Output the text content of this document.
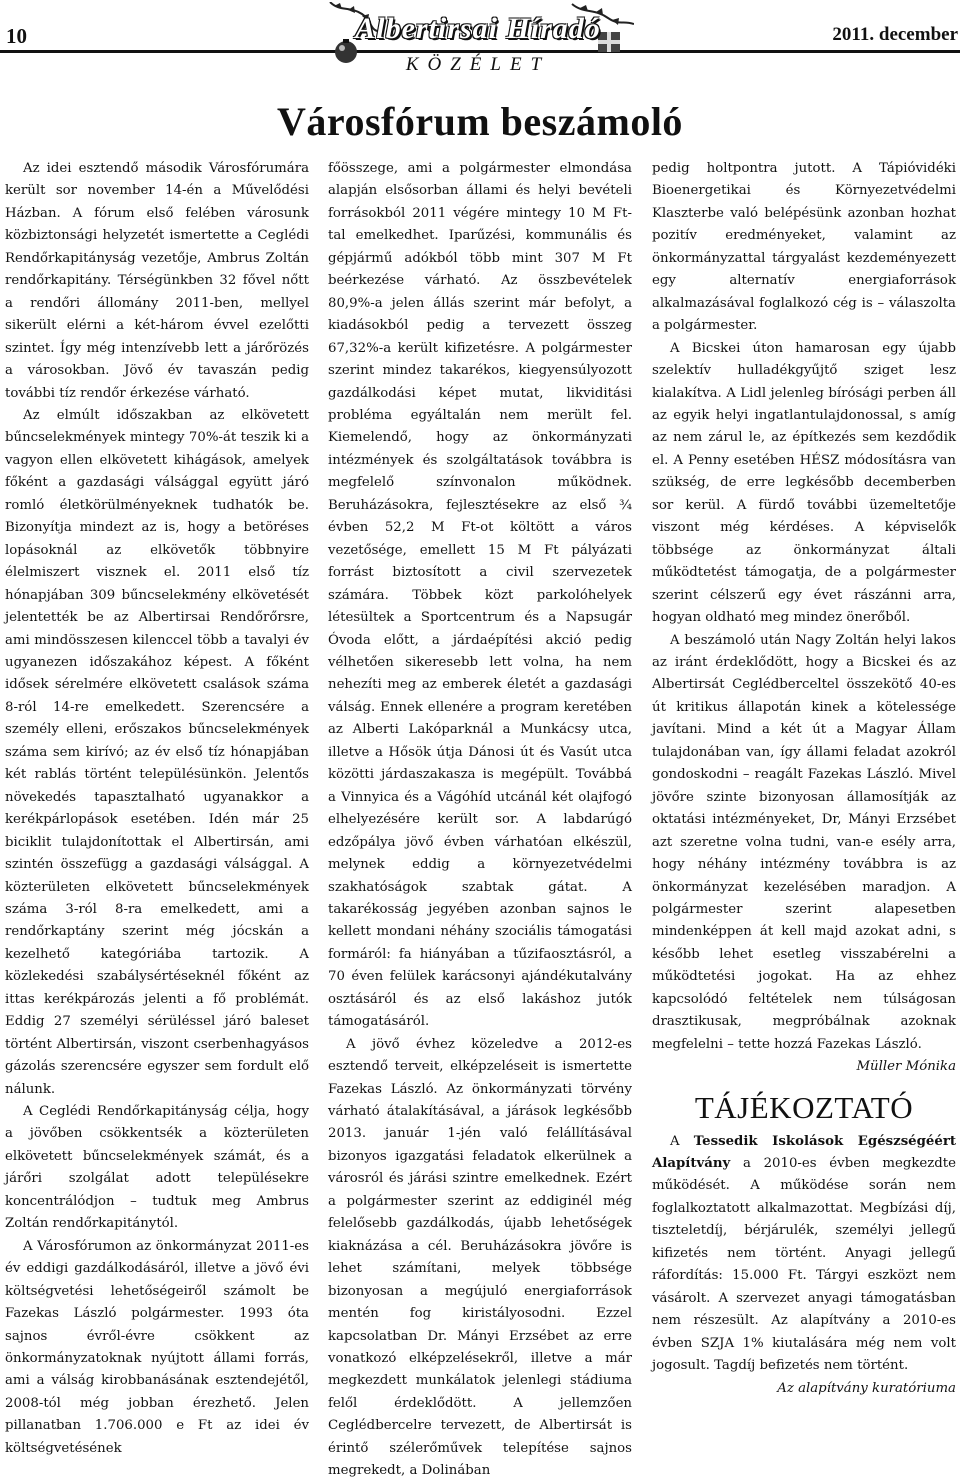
10	Albertirsai Híradó
KÖZÉLET
2011. december
Városfórum beszámoló

Az idei esztendő második Városfórumára került sor november 14-én a Művelődési Házban. A fórum első felében városunk közbiztonsági helyzetét ismertette a Ceglédi Rendőrkapitányság vezetője, Ambrus Zoltán rendőrkapitány. Térségünkben 32 fővel nőtt a rendőri állomány 2011-ben, mellyel sikerült elérni a két-három évvel ezelőtti szintet. Így még intenzívebb lett a járőrözés a városokban. Jövő év tavaszán pedig további tíz rendőr érkezése várható.

Az elmúlt időszakban az elkövetett bűncselekmények mintegy 70%-át teszik ki a vagyon ellen elkövetett kihágások, amelyek főként a gazdasági válsággal együtt járó romló életkörülményeknek tudhatók be. Bizonyítja mindezt az is, hogy a betöréses lopásoknál az elkövetők többnyire élelmiszert visznek el. 2011 első tíz hónapjában 309 bűncselekmény elkövetését jelentették be az Albertirsai Rendőrőrsre, ami mindösszesen kilenccel több a tavalyi év ugyanezen időszakához képest. A főként idősek sérelmére elkövetett csalások száma 8-ról 14-re emelkedett. Szerencsére a személy elleni, erőszakos bűncselekmények száma sem kirívó; az év első tíz hónapjában két rablás történt településünkön. Jelentős növekedés tapasztalható ugyanakkor a kerékpárlopások esetében. Idén már 25 biciklit tulajdonítottak el Albertirsán, ami szintén összefügg a gazdasági válsággal. A közterületen elkövetett bűncselekmények száma 3-ról 8-ra emelkedett, ami a rendőrkaptány szerint még jócskán a kezelhető kategóriába tartozik. A közlekedési szabálysértéseknél főként az ittas kerékpározás jelenti a fő problémát. Eddig 27 személyi sérüléssel járó baleset történt Albertirsán, viszont cserbenhagyásos gázolás szerencsére egyszer sem fordult elő nálunk.

A Ceglédi Rendőrkapitányság célja, hogy a jövőben csökkentsék a közterületen elkövetett bűncselekmények számát, és a járőri szolgálat adott településekre koncentrálódjon – tudtuk meg Ambrus Zoltán rendőrkapitánytól.

A Városfórumon az önkormányzat 2011-es év eddigi gazdálkodásáról, illetve a jövő évi költségvetési lehetőségeiről számolt be Fazekas László polgármester. 1993 óta sajnos évről-évre csökkent az önkormányzatoknak nyújtott állami forrás, ami a válság kirobbanásának esztendejétől, 2008-tól még jobban érezhető. Jelen pillanatban 1.706.000 e Ft az idei év költségvetésének

főösszege, ami a polgármester elmondása alapján elsősorban állami és helyi bevételi forrásokból 2011 végére mintegy 10 M Ft-tal emelkedhet. Iparűzési, kommunális és gépjármű adókból több mint 307 M Ft beérkezése várható. Az összbevételek 80,9%-a jelen állás szerint már befolyt, a kiadásokból pedig a tervezett összeg 67,32%-a került kifizetésre. A polgármester szerint mindez takarékos, kiegyensúlyozott gazdálkodási képet mutat, likviditási probléma egyáltalán nem merült fel. Kiemelendő, hogy az önkormányzati intézmények és szolgáltatások továbbra is megfelelő színvonalon működnek. Beruházásokra, fejlesztésekre az első ¾ évben 52,2 M Ft-ot költött a város vezetősége, emellett 15 M Ft pályázati forrást biztosított a civil szervezetek számára. Többek közt parkolóhelyek létesültek a Sportcentrum és a Napsugár Óvoda előtt, a járdaépítési akció pedig vélhetően sikeresebb lett volna, ha nem nehezíti meg az emberek életét a gazdasági válság. Ennek ellenére a program keretében az Alberti Lakóparknál a Munkácsy utca, illetve a Hősök útja Dánosi út és Vasút utca közötti járdaszakasza is megépült. Továbbá a Vinnyica és a Vágóhíd utcánál két olajfogó elhelyezésére került sor. A labdarúgó edzőpálya jövő évben várhatóan elkészül, melynek eddig a környezetvédelmi szakhatóságok szabtak gátat. A takarékosság jegyében azonban sajnos le kellett mondani néhány szociális támogatási formáról: fa hiányában a tűzifaosztásról, a 70 éven felülek karácsonyi ajándékutalvány osztásáról és az első lakáshoz jutók támogatásáról.

A jövő évhez közeledve a 2012-es esztendő terveit, elképzeléseit is ismertette Fazekas László. Az önkormányzati törvény várható átalakításával, a járások legkésőbb 2013. január 1-jén való felállításával bizonyos igazgatási feladatok elkerülnek a városról és járási szintre emelkednek. Ezért a polgármester szerint az eddiginél még felelősebb gazdálkodás, újabb lehetőségek kiaknázása a cél. Beruházásokra jövőre is lehet számítani, melyek többsége bizonyosan a megújuló energiaforrások mentén fog kiristályosodni. Ezzel kapcsolatban Dr. Mányi Erzsébet az erre vonatkozó elképzelésekről, illetve a már megkezdett munkálatok jelenlegi stádiuma felől érdeklődött. A jellemzően Ceglédbercelre tervezett, de Albertirsát is érintő szélerőművek telepítése sajnos megrekedt, a Dolinában

pedig holtpontra jutott. A Tápióvidéki Bioenergetikai és Környezetvédelmi Klaszterbe való belépésünk azonban hozhat pozitív eredményeket, valamint az önkormányzattal tárgyalást kezdeményezett egy alternatív energiaforrások alkalmazásával foglalkozó cég is – válaszolta a polgármester.

A Bicskei úton hamarosan egy újabb szelektív hulladékgyűjtő sziget lesz kialakítva. A Lidl jelenleg bírósági perben áll az egyik helyi ingatlantulajdonossal, s amíg az nem zárul le, az építkezés sem kezdődik el. A Penny esetében HÉSZ módosításra van szükség, de erre legkésőbb decemberben sor kerül. A fürdő további üzemeltetője viszont még kérdéses. A képviselők többsége az önkormányzat általi működtetést támogatja, de a polgármester szerint célszerű egy évet rászánni arra, hogyan oldható meg mindez önerőből.

A beszámoló után Nagy Zoltán helyi lakos az iránt érdeklődött, hogy a Bicskei és az Albertirsát Ceglédberceltel összekötő 40-es út kritikus állapotán kinek a kötelessége javítani. Mind a két út a Magyar Állam tulajdonában van, így állami feladat azokról gondoskodni – reagált Fazekas László. Mivel jövőre szinte bizonyosan államosítják az oktatási intézményeket, Dr, Mányi Erzsébet azt szeretne volna tudni, van-e esély arra, hogy néhány intézmény továbbra is az önkormányzat kezelésében maradjon. A polgármester szerint alapesetben mindenképpen át kell majd azokat adni, s később lehet esetleg visszabérelni a működtetési jogokat. Ha az ehhez kapcsolódó feltételek nem túlságosan drasztikusak, megpróbálnak azoknak megfelelni – tette hozzá Fazekas László.

Müller Mónika

TÁJÉKOZTATÓ

A Tessedik Iskolások Egészségéért Alapítvány a 2010-es évben megkezdte működését. A működése során nem foglalkoztatott alkalmazottat. Megbízási díj, tiszteletdíj, bérjárulék, személyi jellegű kifizetés nem történt. Anyagi jellegű ráfordítás: 15.000 Ft. Tárgyi eszközt nem vásárolt. A szervezet anyagi támogatásban nem részesült. Az alapítvány a 2010-es évben SZJA 1% kiutalására még nem volt jogosult. Tagdíj befizetés nem történt.

Az alapítvány kuratóriuma
